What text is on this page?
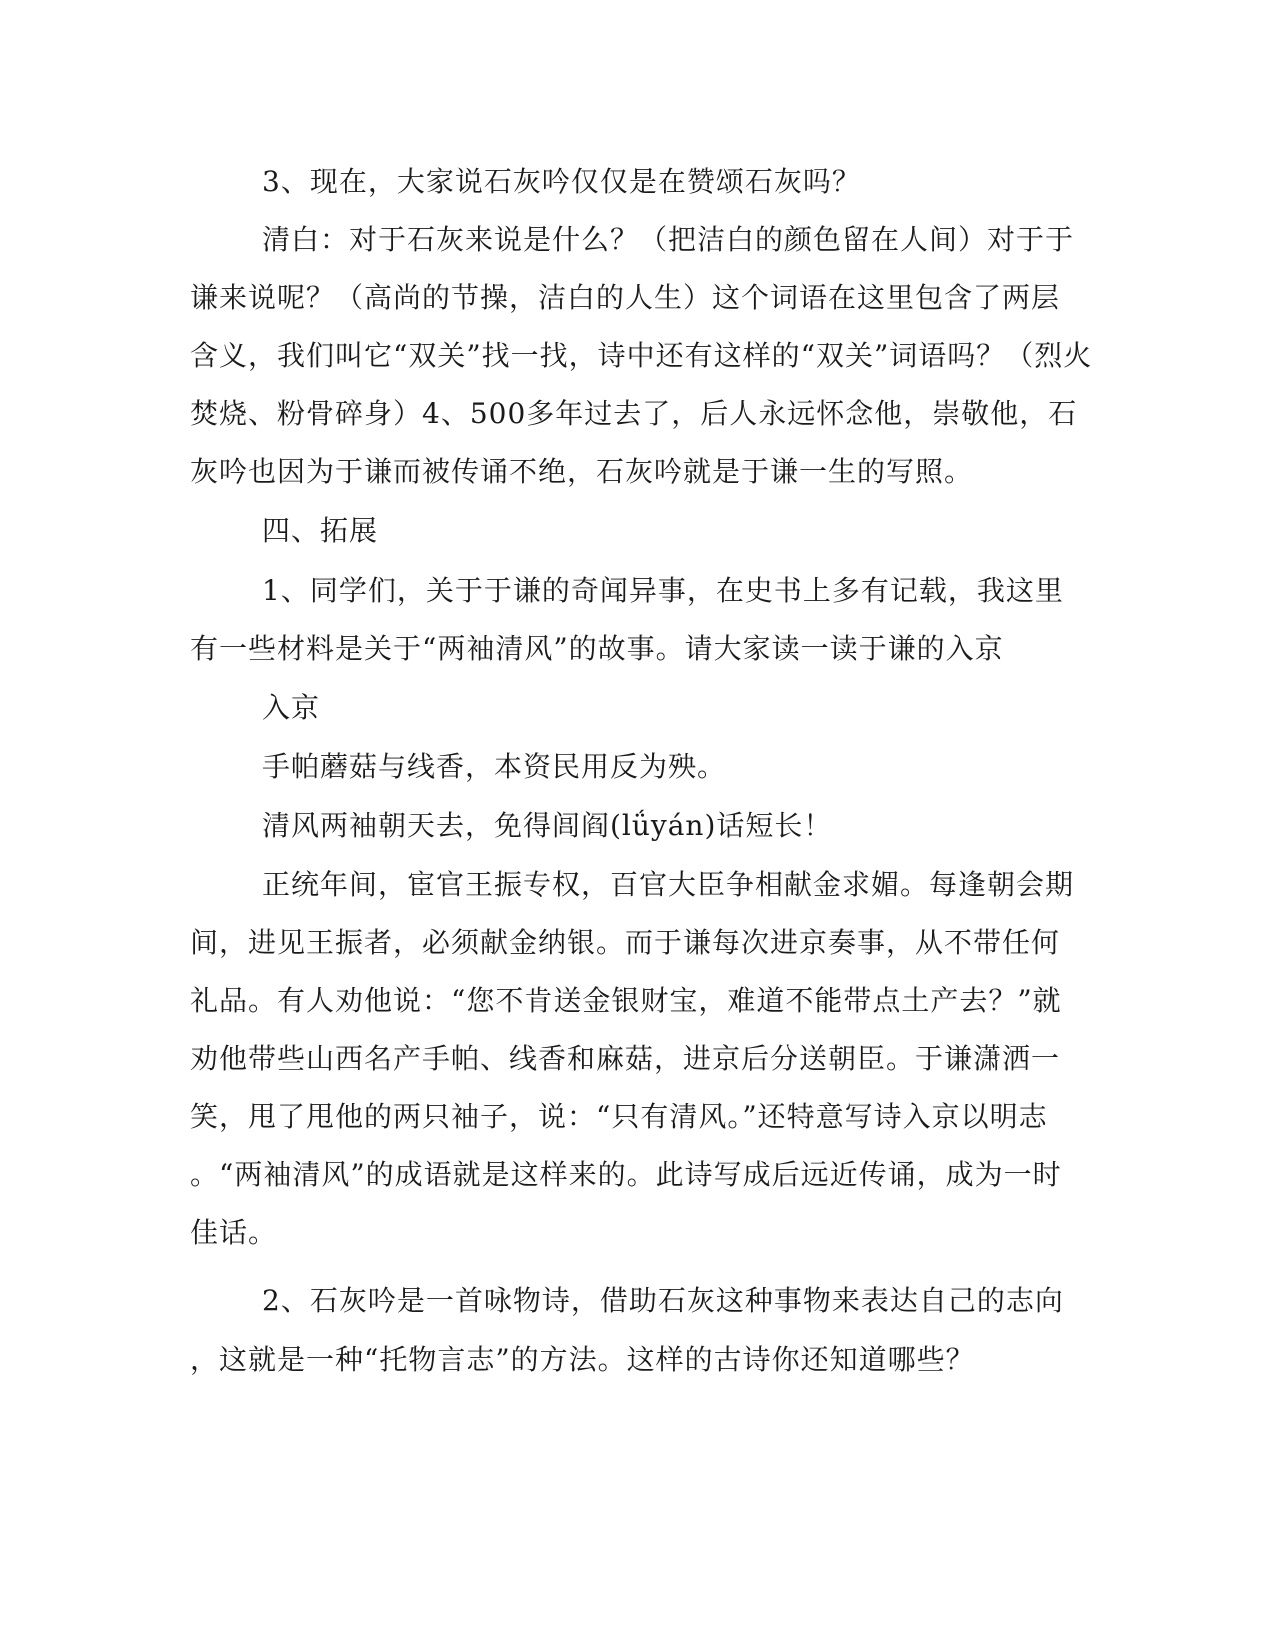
3、现在，大家说石灰吟仅仅是在赞颂石灰吗？
清白：对于石灰来说是什么？（把洁白的颜色留在人间）对于于
谦来说呢？（高尚的节操，洁白的人生）这个词语在这里包含了两层
含义，我们叫它“双关”找一找，诗中还有这样的“双关”词语吗？（烈火
焚烧、粉骨碎身）4、500多年过去了，后人永远怀念他，崇敬他，石
灰吟也因为于谦而被传诵不绝，石灰吟就是于谦一生的写照。
四、拓展
1、同学们，关于于谦的奇闻异事，在史书上多有记载，我这里
有一些材料是关于“两袖清风”的故事。请大家读一读于谦的入京
入京
手帕蘑菇与线香，本资民用反为殃。
清风两袖朝天去，免得闾阎(lǘyán)话短长！
正统年间，宦官王振专权，百官大臣争相献金求媚。每逢朝会期
间，进见王振者，必须献金纳银。而于谦每次进京奏事，从不带任何
礼品。有人劝他说：“您不肯送金银财宝，难道不能带点土产去？”就
劝他带些山西名产手帕、线香和麻菇，进京后分送朝臣。于谦潇洒一
笑，甩了甩他的两只袖子，说：“只有清风。”还特意写诗入京以明志
。“两袖清风”的成语就是这样来的。此诗写成后远近传诵，成为一时
佳话。
2、石灰吟是一首咏物诗，借助石灰这种事物来表达自己的志向
，这就是一种“托物言志”的方法。这样的古诗你还知道哪些？
